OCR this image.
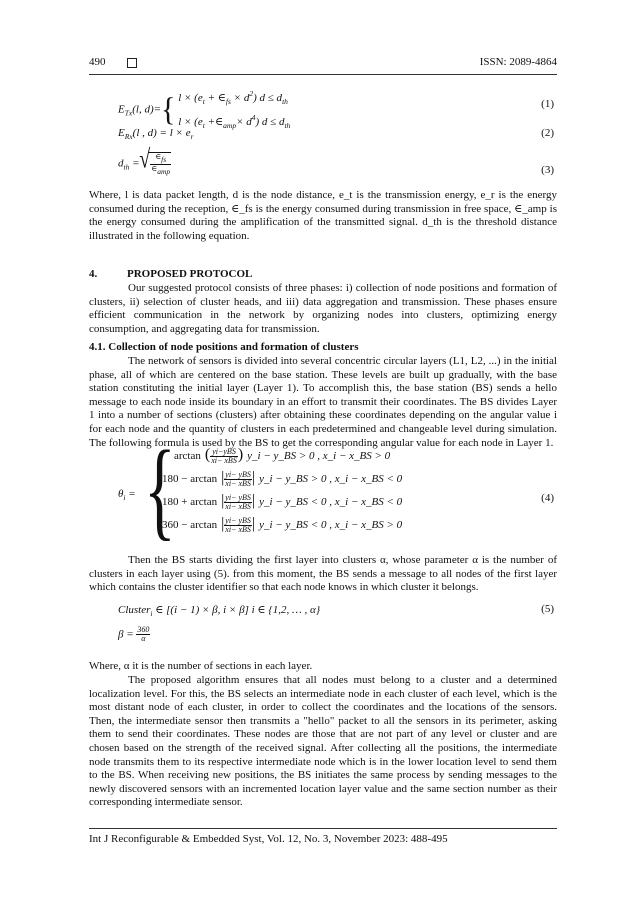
490	ISSN: 2089-4864
$E_{Tx}(l$, d)={ $l \times (e_t$ + $\in_{fs} \times d^2$) $d \le d_{th}$
$l \times (e_t$ $+\in_{amp}\times d^4$) $d \le d_{th}$
(1)
$E_{Rx}(l$ , $d) = l \times e_r$	(2)
$d_{th}$ =
√ $\frac{\in fs}{\text{∈amp}}$	(3)
Where, l is data packet length, d is the node distance, e_t is the transmission energy, e_r is the energy consumed during the reception, ∈_fs is the energy consumed during transmission in free space, ∈_amp is the energy consumed during the amplification of the transmitted signal. d_th is the threshold distance illustrated in the following equation.
4.	PROPOSED PROTOCOL
Our suggested protocol consists of three phases: i) collection of node positions and formation of clusters, ii) selection of cluster heads, and iii) data aggregation and transmission. These phases ensure efficient communication in the network by organizing nodes into clusters, optimizing energy consumption, and aggregating data for transmission.
4.1. Collection of node positions and formation of clusters
The network of sensors is divided into several concentric circular layers (L1, L2, ...) in the initial phase, all of which are centered on the base station. These levels are built up gradually, with the base station constituting the initial layer (Layer 1). To accomplish this, the base station (BS) sends a hello message to each node inside its boundary in an effort to transmit their coordinates. The BS divides Layer 1 into a number of sections (clusters) after obtaining these coordinates depending on the angular value i for each node and the quantity of clusters in each predetermined and changeable level during simulation. The following formula is used by the BS to get the corresponding angular value for each node in Layer 1.
$\theta_i$ = {
arctan ( $\frac{\text{yi−yBS}}{\text{xi− xBS}}$ ) y_i − y_BS > 0 , x_i − x_BS > 0
180 − arctan | $\frac{\text{yi− yBS}}{\text{xi− xBS}}$ | y_i − y_BS > 0 , x_i − x_BS < 0
180 + arctan | $\frac{\text{yi− yBS}}{\text{xi− xBS}}$ | y_i − y_BS < 0 , x_i − x_BS < 0
360 − arctan | $\frac{\text{yi− yBS}}{\text{xi− xBS}}$ | y_i − y_BS < 0 , x_i − x_BS > 0
(4)
Then the BS starts dividing the first layer into clusters α, whose parameter α is the number of clusters in each layer using (5). from this moment, the BS sends a message to all nodes of the first layer which contains the cluster identifier so that each node knows in which cluster it belongs.
Cluster$_i$ ∈ [(i − 1) × β, i × β] i ∈ {1,2, … , α}	(5)
$\beta = \frac{360}{\alpha}$
Where, α it is the number of sections in each layer.
The proposed algorithm ensures that all nodes must belong to a cluster and a determined localization level. For this, the BS selects an intermediate node in each cluster of each level, which is the most distant node of each cluster, in order to collect the coordinates and the locations of the sensors. Then, the intermediate sensor then transmits a "hello" packet to all the sensors in its perimeter, asking them to send their coordinates. These nodes are those that are not part of any level or cluster and are chosen based on the strength of the received signal. After collecting all the positions, the intermediate node transmits them to its respective intermediate node which is in the lower location level to send them to the BS. When receiving new positions, the BS initiates the same process by sending messages to the newly discovered sensors with an incremented location layer value and the same section number as their corresponding intermediate sensor.
Int J Reconfigurable & Embedded Syst, Vol. 12, No. 3, November 2023: 488-495
